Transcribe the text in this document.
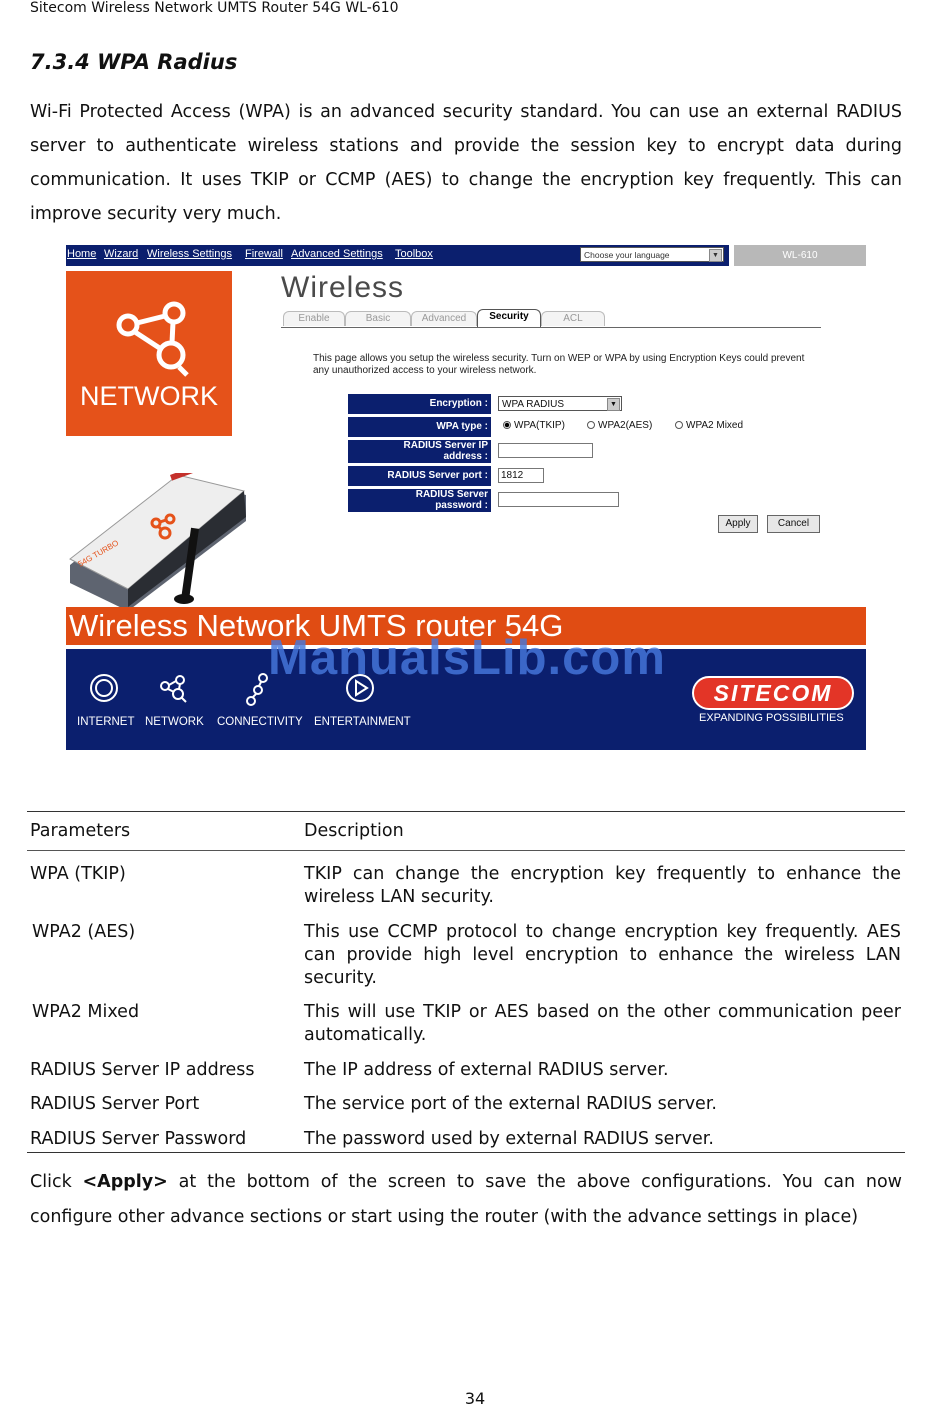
Sitecom Wireless Network UMTS Router 54G WL-610
7.3.4 WPA Radius

Wi-Fi Protected Access (WPA) is an advanced security standard. You can use an external RADIUS server to authenticate wireless stations and provide the session key to encrypt data during communication. It uses TKIP or CCMP (AES) to change the encryption key frequently. This can improve security very much.

Home Wizard Wireless Settings Firewall Advanced Settings Toolbox	Choose your language	▼	WL-610
NETWORK
Wireless
Enable	Basic	Advanced	Security	ACL
This page allows you setup the wireless security. Turn on WEP or WPA by using Encryption Keys could prevent any unauthorized access to your wireless network.
Encryption :	WPA RADIUS	▼
WPA type :	WPA(TKIP)	WPA2(AES)	WPA2 Mixed
RADIUS Server IP
address :
RADIUS Server port :	1812
RADIUS Server
password :
Apply	Cancel
54G TURBO
Wireless Network UMTS router 54G
INTERNET NETWORK CONNECTIVITY ENTERTAINMENT
SITECOM
EXPANDING POSSIBILITIES
ManualsLib.com
Parameters	Description
WPA (TKIP)	TKIP can change the encryption key frequently to enhance the wireless LAN security.
WPA2 (AES)	This use CCMP protocol to change encryption key frequently. AES can provide high level encryption to enhance the wireless LAN security.
WPA2 Mixed	This will use TKIP or AES based on the other communication peer automatically.
RADIUS Server IP address	The IP address of external RADIUS server.
RADIUS Server Port	The service port of the external RADIUS server.
RADIUS Server Password	The password used by external RADIUS server.

Click <Apply> at the bottom of the screen to save the above configurations. You can now configure other advance sections or start using the router (with the advance settings in place)

34
